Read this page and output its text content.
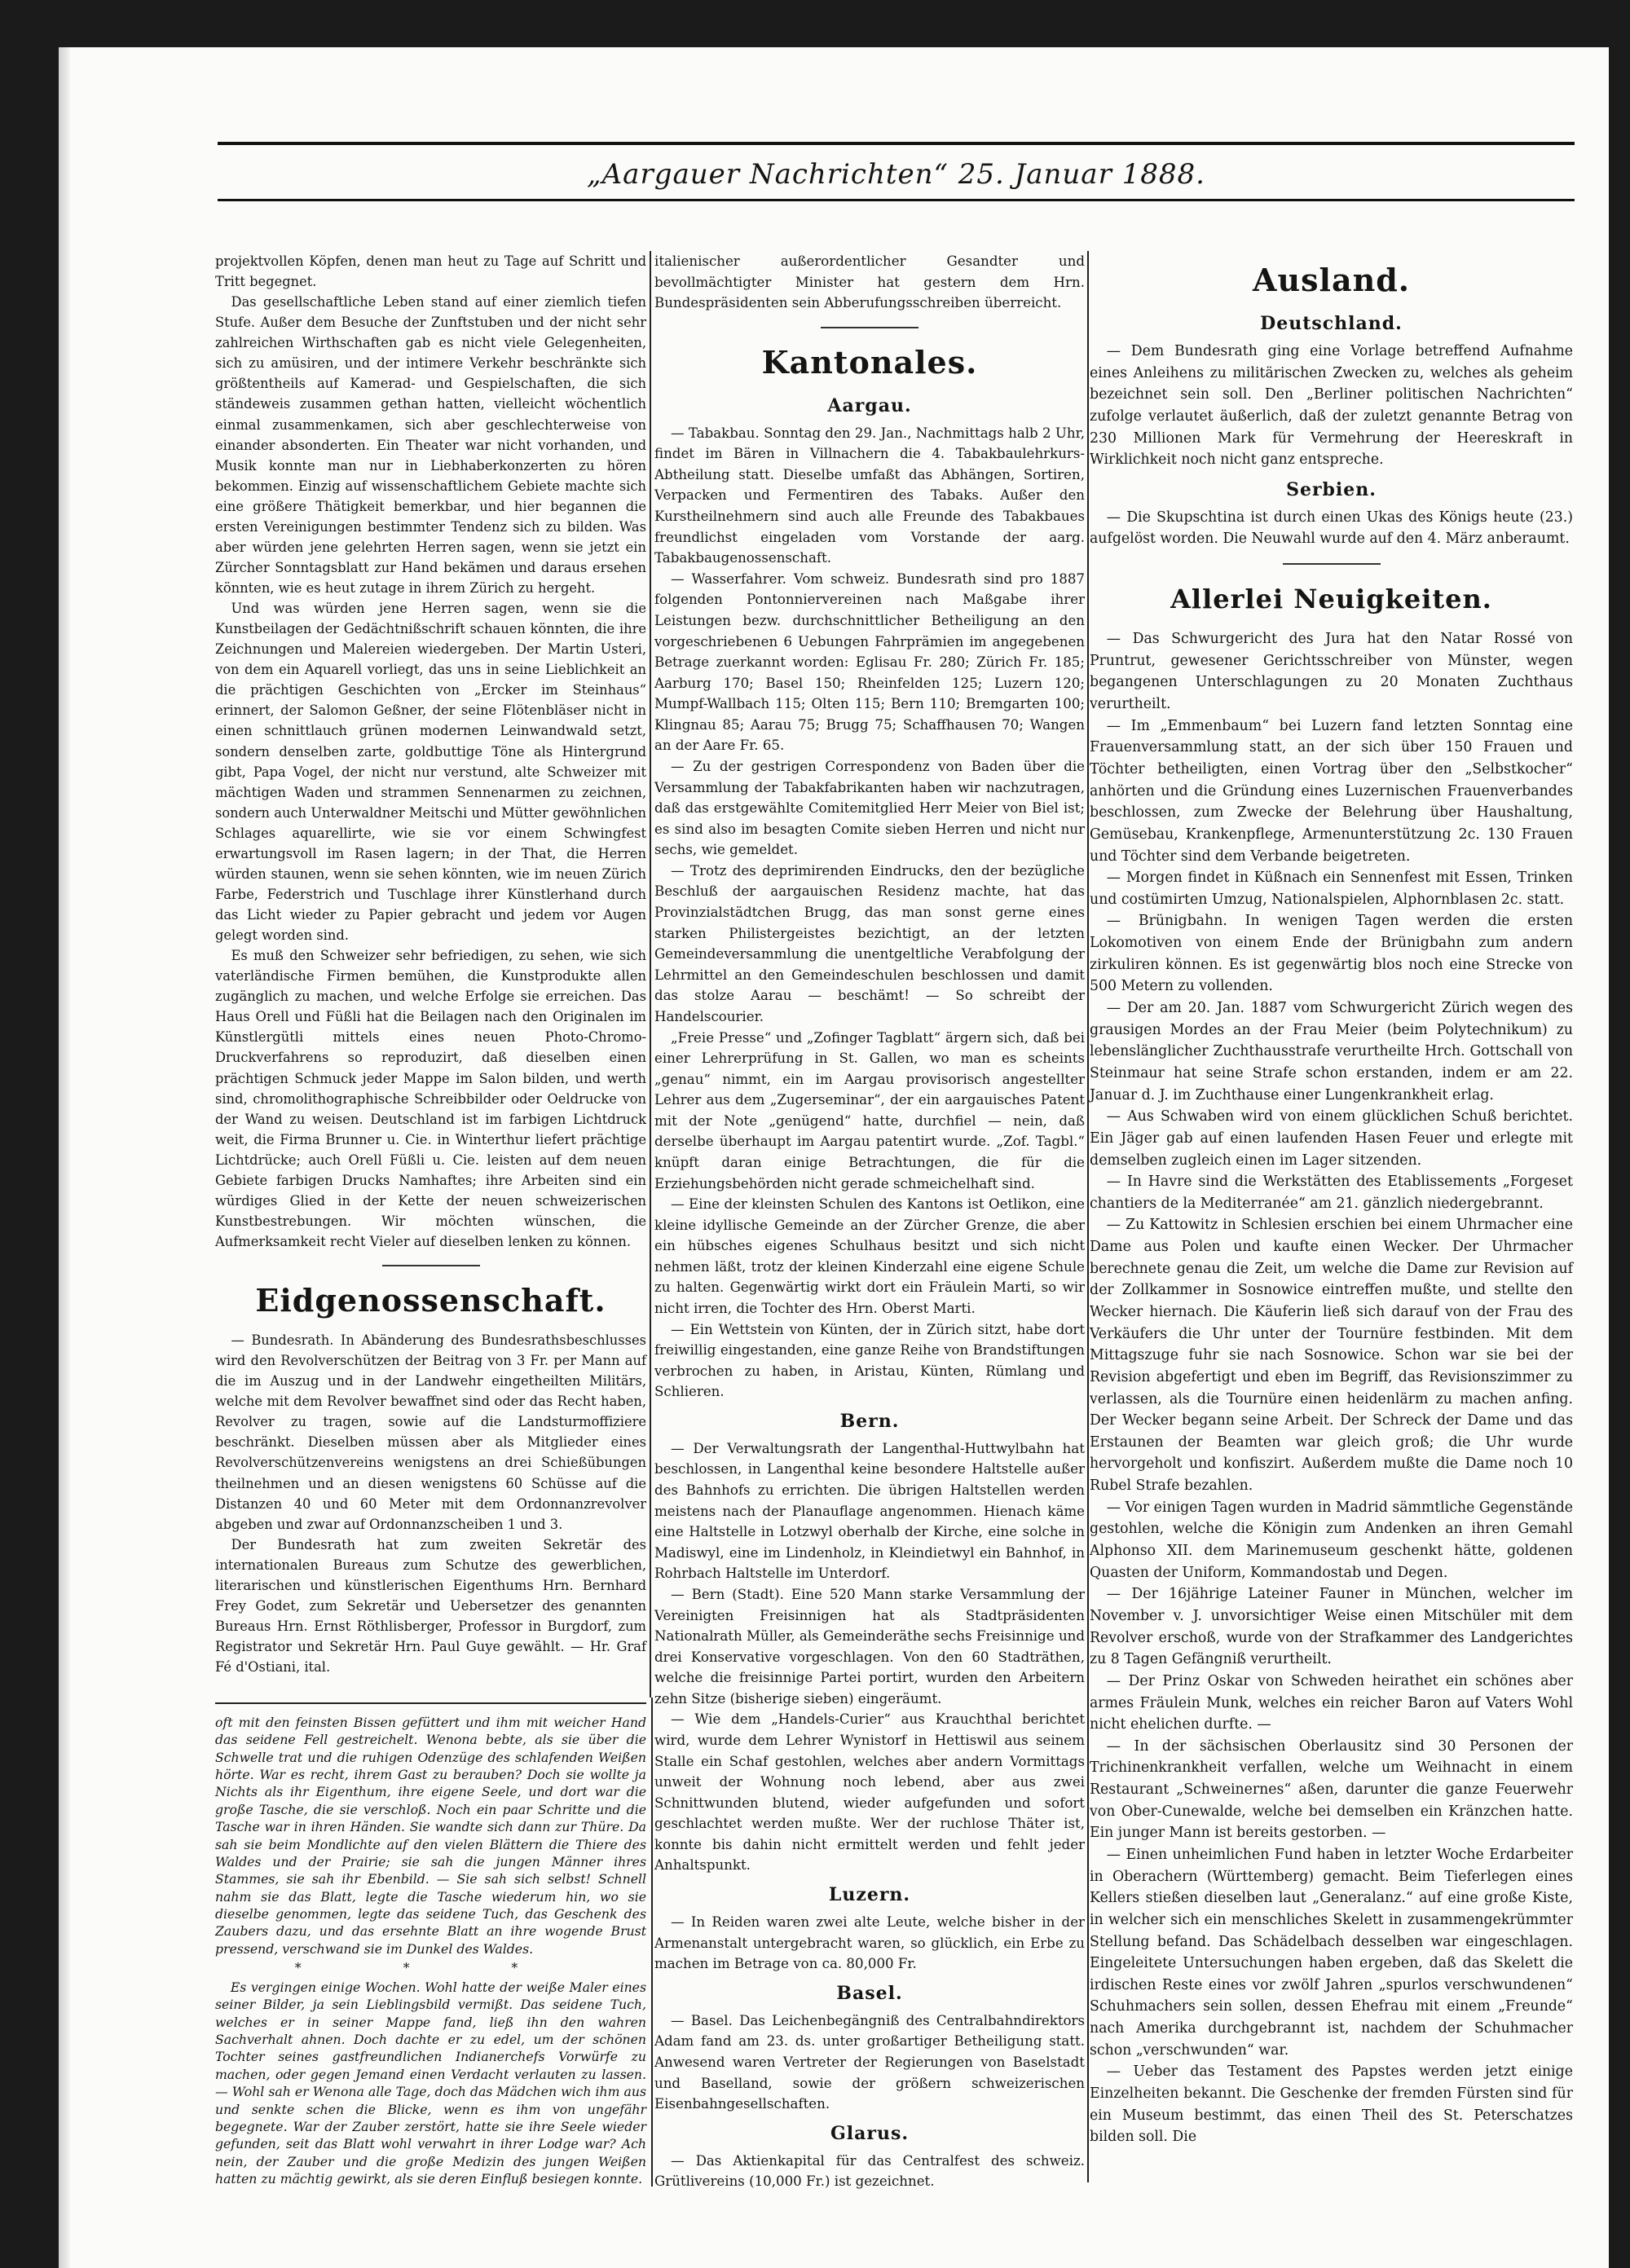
„Aargauer Nachrichten“ 25. Januar 1888.

projektvollen Köpfen, denen man heut zu Tage auf Schritt und Tritt begegnet.

Das gesellschaftliche Leben stand auf einer ziemlich tiefen Stufe. Außer dem Besuche der Zunftstuben und der nicht sehr zahlreichen Wirthschaften gab es nicht viele Gelegenheiten, sich zu amüsiren, und der intimere Verkehr beschränkte sich größtentheils auf Kamerad- und Gespielschaften, die sich ständeweis zusammen gethan hatten, vielleicht wöchentlich einmal zusammenkamen, sich aber geschlechterweise von einander absonderten. Ein Theater war nicht vorhanden, und Musik konnte man nur in Liebhaberkonzerten zu hören bekommen. Einzig auf wissenschaftlichem Gebiete machte sich eine größere Thätigkeit bemerkbar, und hier begannen die ersten Vereinigungen bestimmter Tendenz sich zu bilden. Was aber würden jene gelehrten Herren sagen, wenn sie jetzt ein Zürcher Sonntagsblatt zur Hand bekämen und daraus ersehen könnten, wie es heut zutage in ihrem Zürich zu hergeht.

Und was würden jene Herren sagen, wenn sie die Kunstbeilagen der Gedächtnißschrift schauen könnten, die ihre Zeichnungen und Malereien wiedergeben. Der Martin Usteri, von dem ein Aquarell vorliegt, das uns in seine Lieblichkeit an die prächtigen Geschichten von „Ercker im Steinhaus“ erinnert, der Salomon Geßner, der seine Flötenbläser nicht in einen schnittlauch grünen modernen Leinwandwald setzt, sondern denselben zarte, goldbuttige Töne als Hintergrund gibt, Papa Vogel, der nicht nur verstund, alte Schweizer mit mächtigen Waden und strammen Sennenarmen zu zeichnen, sondern auch Unterwaldner Meitschi und Mütter gewöhnlichen Schlages aquarellirte, wie sie vor einem Schwingfest erwartungsvoll im Rasen lagern; in der That, die Herren würden staunen, wenn sie sehen könnten, wie im neuen Zürich Farbe, Federstrich und Tuschlage ihrer Künstlerhand durch das Licht wieder zu Papier gebracht und jedem vor Augen gelegt worden sind.

Es muß den Schweizer sehr befriedigen, zu sehen, wie sich vaterländische Firmen bemühen, die Kunstprodukte allen zugänglich zu machen, und welche Erfolge sie erreichen. Das Haus Orell und Füßli hat die Beilagen nach den Originalen im Künstlergütli mittels eines neuen Photo-Chromo-Druckverfahrens so reproduzirt, daß dieselben einen prächtigen Schmuck jeder Mappe im Salon bilden, und werth sind, chromolithographische Schreibbilder oder Oeldrucke von der Wand zu weisen. Deutschland ist im farbigen Lichtdruck weit, die Firma Brunner u. Cie. in Winterthur liefert prächtige Lichtdrücke; auch Orell Füßli u. Cie. leisten auf dem neuen Gebiete farbigen Drucks Namhaftes; ihre Arbeiten sind ein würdiges Glied in der Kette der neuen schweizerischen Kunstbestrebungen. Wir möchten wünschen, die Aufmerksamkeit recht Vieler auf dieselben lenken zu können.

Eidgenossenschaft.

— Bundesrath. In Abänderung des Bundesrathsbeschlusses wird den Revolverschützen der Beitrag von 3 Fr. per Mann auf die im Auszug und in der Landwehr eingetheilten Militärs, welche mit dem Revolver bewaffnet sind oder das Recht haben, Revolver zu tragen, sowie auf die Landsturmoffiziere beschränkt. Dieselben müssen aber als Mitglieder eines Revolverschützenvereins wenigstens an drei Schießübungen theilnehmen und an diesen wenigstens 60 Schüsse auf die Distanzen 40 und 60 Meter mit dem Ordonnanzrevolver abgeben und zwar auf Ordonnanzscheiben 1 und 3.

Der Bundesrath hat zum zweiten Sekretär des internationalen Bureaus zum Schutze des gewerblichen, literarischen und künstlerischen Eigenthums Hrn. Bernhard Frey Godet, zum Sekretär und Uebersetzer des genannten Bureaus Hrn. Ernst Röthlisberger, Professor in Burgdorf, zum Registrator und Sekretär Hrn. Paul Guye gewählt. — Hr. Graf Fé d'Ostiani, ital.

oft mit den feinsten Bissen gefüttert und ihm mit weicher Hand das seidene Fell gestreichelt. Wenona bebte, als sie über die Schwelle trat und die ruhigen Odenzüge des schlafenden Weißen hörte. War es recht, ihrem Gast zu berauben? Doch sie wollte ja Nichts als ihr Eigenthum, ihre eigene Seele, und dort war die große Tasche, die sie verschloß. Noch ein paar Schritte und die Tasche war in ihren Händen. Sie wandte sich dann zur Thüre. Da sah sie beim Mondlichte auf den vielen Blättern die Thiere des Waldes und der Prairie; sie sah die jungen Männer ihres Stammes, sie sah ihr Ebenbild. — Sie sah sich selbst! Schnell nahm sie das Blatt, legte die Tasche wiederum hin, wo sie dieselbe genommen, legte das seidene Tuch, das Geschenk des Zaubers dazu, und das ersehnte Blatt an ihre wogende Brust pressend, verschwand sie im Dunkel des Waldes.

* * *

Es vergingen einige Wochen. Wohl hatte der weiße Maler eines seiner Bilder, ja sein Lieblingsbild vermißt. Das seidene Tuch, welches er in seiner Mappe fand, ließ ihn den wahren Sachverhalt ahnen. Doch dachte er zu edel, um der schönen Tochter seines gastfreundlichen Indianerchefs Vorwürfe zu machen, oder gegen Jemand einen Verdacht verlauten zu lassen. — Wohl sah er Wenona alle Tage, doch das Mädchen wich ihm aus und senkte schen die Blicke, wenn es ihm von ungefähr begegnete. War der Zauber zerstört, hatte sie ihre Seele wieder gefunden, seit das Blatt wohl verwahrt in ihrer Lodge war? Ach nein, der Zauber und die große Medizin des jungen Weißen hatten zu mächtig gewirkt, als sie deren Einfluß besiegen konnte.

italienischer außerordentlicher Gesandter und bevollmächtigter Minister hat gestern dem Hrn. Bundespräsidenten sein Abberufungsschreiben überreicht.

Kantonales.
Aargau.

— Tabakbau. Sonntag den 29. Jan., Nachmittags halb 2 Uhr, findet im Bären in Villnachern die 4. Tabakbaulehrkurs-Abtheilung statt. Dieselbe umfaßt das Abhängen, Sortiren, Verpacken und Fermentiren des Tabaks. Außer den Kurstheilnehmern sind auch alle Freunde des Tabakbaues freundlichst eingeladen vom Vorstande der aarg. Tabakbaugenossenschaft.

— Wasserfahrer. Vom schweiz. Bundesrath sind pro 1887 folgenden Pontonniervereinen nach Maßgabe ihrer Leistungen bezw. durchschnittlicher Betheiligung an den vorgeschriebenen 6 Uebungen Fahrprämien im angegebenen Betrage zuerkannt worden: Eglisau Fr. 280; Zürich Fr. 185; Aarburg 170; Basel 150; Rheinfelden 125; Luzern 120; Mumpf-Wallbach 115; Olten 115; Bern 110; Bremgarten 100; Klingnau 85; Aarau 75; Brugg 75; Schaffhausen 70; Wangen an der Aare Fr. 65.

— Zu der gestrigen Correspondenz von Baden über die Versammlung der Tabakfabrikanten haben wir nachzutragen, daß das erstgewählte Comitemitglied Herr Meier von Biel ist; es sind also im besagten Comite sieben Herren und nicht nur sechs, wie gemeldet.

— Trotz des deprimirenden Eindrucks, den der bezügliche Beschluß der aargauischen Residenz machte, hat das Provinzialstädtchen Brugg, das man sonst gerne eines starken Philistergeistes bezichtigt, an der letzten Gemeindeversammlung die unentgeltliche Verabfolgung der Lehrmittel an den Gemeindeschulen beschlossen und damit das stolze Aarau — beschämt! — So schreibt der Handelscourier.

„Freie Presse“ und „Zofinger Tagblatt“ ärgern sich, daß bei einer Lehrerprüfung in St. Gallen, wo man es scheints „genau“ nimmt, ein im Aargau provisorisch angestellter Lehrer aus dem „Zugerseminar“, der ein aargauisches Patent mit der Note „genügend“ hatte, durchfiel — nein, daß derselbe überhaupt im Aargau patentirt wurde. „Zof. Tagbl.“ knüpft daran einige Betrachtungen, die für die Erziehungsbehörden nicht gerade schmeichelhaft sind.

— Eine der kleinsten Schulen des Kantons ist Oetlikon, eine kleine idyllische Gemeinde an der Zürcher Grenze, die aber ein hübsches eigenes Schulhaus besitzt und sich nicht nehmen läßt, trotz der kleinen Kinderzahl eine eigene Schule zu halten. Gegenwärtig wirkt dort ein Fräulein Marti, so wir nicht irren, die Tochter des Hrn. Oberst Marti.

— Ein Wettstein von Künten, der in Zürich sitzt, habe dort freiwillig eingestanden, eine ganze Reihe von Brandstiftungen verbrochen zu haben, in Aristau, Künten, Rümlang und Schlieren.

Bern.

— Der Verwaltungsrath der Langenthal-Huttwylbahn hat beschlossen, in Langenthal keine besondere Haltstelle außer des Bahnhofs zu errichten. Die übrigen Haltstellen werden meistens nach der Planauflage angenommen. Hienach käme eine Haltstelle in Lotzwyl oberhalb der Kirche, eine solche in Madiswyl, eine im Lindenholz, in Kleindietwyl ein Bahnhof, in Rohrbach Haltstelle im Unterdorf.

— Bern (Stadt). Eine 520 Mann starke Versammlung der Vereinigten Freisinnigen hat als Stadtpräsidenten Nationalrath Müller, als Gemeinderäthe sechs Freisinnige und drei Konservative vorgeschlagen. Von den 60 Stadträthen, welche die freisinnige Partei portirt, wurden den Arbeitern zehn Sitze (bisherige sieben) eingeräumt.

— Wie dem „Handels-Curier“ aus Krauchthal berichtet wird, wurde dem Lehrer Wynistorf in Hettiswil aus seinem Stalle ein Schaf gestohlen, welches aber andern Vormittags unweit der Wohnung noch lebend, aber aus zwei Schnittwunden blutend, wieder aufgefunden und sofort geschlachtet werden mußte. Wer der ruchlose Thäter ist, konnte bis dahin nicht ermittelt werden und fehlt jeder Anhaltspunkt.

Luzern.

— In Reiden waren zwei alte Leute, welche bisher in der Armenanstalt untergebracht waren, so glücklich, ein Erbe zu machen im Betrage von ca. 80,000 Fr.

Basel.

— Basel. Das Leichenbegängniß des Centralbahndirektors Adam fand am 23. ds. unter großartiger Betheiligung statt. Anwesend waren Vertreter der Regierungen von Baselstadt und Baselland, sowie der größern schweizerischen Eisenbahngesellschaften.

Glarus.

— Das Aktienkapital für das Centralfest des schweiz. Grütlivereins (10,000 Fr.) ist gezeichnet.

Ausland.
Deutschland.

— Dem Bundesrath ging eine Vorlage betreffend Aufnahme eines Anleihens zu militärischen Zwecken zu, welches als geheim bezeichnet sein soll. Den „Berliner politischen Nachrichten“ zufolge verlautet äußerlich, daß der zuletzt genannte Betrag von 230 Millionen Mark für Vermehrung der Heereskraft in Wirklichkeit noch nicht ganz entspreche.

Serbien.

— Die Skupschtina ist durch einen Ukas des Königs heute (23.) aufgelöst worden. Die Neuwahl wurde auf den 4. März anberaumt.

Allerlei Neuigkeiten.

— Das Schwurgericht des Jura hat den Natar Rossé von Pruntrut, gewesener Gerichtsschreiber von Münster, wegen begangenen Unterschlagungen zu 20 Monaten Zuchthaus verurtheilt.

— Im „Emmenbaum“ bei Luzern fand letzten Sonntag eine Frauenversammlung statt, an der sich über 150 Frauen und Töchter betheiligten, einen Vortrag über den „Selbstkocher“ anhörten und die Gründung eines Luzernischen Frauenverbandes beschlossen, zum Zwecke der Belehrung über Haushaltung, Gemüsebau, Krankenpflege, Armenunterstützung 2c. 130 Frauen und Töchter sind dem Verbande beigetreten.

— Morgen findet in Küßnach ein Sennenfest mit Essen, Trinken und costümirten Umzug, Nationalspielen, Alphornblasen 2c. statt.

— Brünigbahn. In wenigen Tagen werden die ersten Lokomotiven von einem Ende der Brünigbahn zum andern zirkuliren können. Es ist gegenwärtig blos noch eine Strecke von 500 Metern zu vollenden.

— Der am 20. Jan. 1887 vom Schwurgericht Zürich wegen des grausigen Mordes an der Frau Meier (beim Polytechnikum) zu lebenslänglicher Zuchthausstrafe verurtheilte Hrch. Gottschall von Steinmaur hat seine Strafe schon erstanden, indem er am 22. Januar d. J. im Zuchthause einer Lungenkrankheit erlag.

— Aus Schwaben wird von einem glücklichen Schuß berichtet. Ein Jäger gab auf einen laufenden Hasen Feuer und erlegte mit demselben zugleich einen im Lager sitzenden.

— In Havre sind die Werkstätten des Etablissements „Forgeset chantiers de la Mediterranée“ am 21. gänzlich niedergebrannt.

— Zu Kattowitz in Schlesien erschien bei einem Uhrmacher eine Dame aus Polen und kaufte einen Wecker. Der Uhrmacher berechnete genau die Zeit, um welche die Dame zur Revision auf der Zollkammer in Sosnowice eintreffen mußte, und stellte den Wecker hiernach. Die Käuferin ließ sich darauf von der Frau des Verkäufers die Uhr unter der Tournüre festbinden. Mit dem Mittagszuge fuhr sie nach Sosnowice. Schon war sie bei der Revision abgefertigt und eben im Begriff, das Revisionszimmer zu verlassen, als die Tournüre einen heidenlärm zu machen anfing. Der Wecker begann seine Arbeit. Der Schreck der Dame und das Erstaunen der Beamten war gleich groß; die Uhr wurde hervorgeholt und konfiszirt. Außerdem mußte die Dame noch 10 Rubel Strafe bezahlen.

— Vor einigen Tagen wurden in Madrid sämmtliche Gegenstände gestohlen, welche die Königin zum Andenken an ihren Gemahl Alphonso XII. dem Marinemuseum geschenkt hätte, goldenen Quasten der Uniform, Kommandostab und Degen.

— Der 16jährige Lateiner Fauner in München, welcher im November v. J. unvorsichtiger Weise einen Mitschüler mit dem Revolver erschoß, wurde von der Strafkammer des Landgerichtes zu 8 Tagen Gefängniß verurtheilt.

— Der Prinz Oskar von Schweden heirathet ein schönes aber armes Fräulein Munk, welches ein reicher Baron auf Vaters Wohl nicht ehelichen durfte. —

— In der sächsischen Oberlausitz sind 30 Personen der Trichinenkrankheit verfallen, welche um Weihnacht in einem Restaurant „Schweinernes“ aßen, darunter die ganze Feuerwehr von Ober-Cunewalde, welche bei demselben ein Kränzchen hatte. Ein junger Mann ist bereits gestorben. —

— Einen unheimlichen Fund haben in letzter Woche Erdarbeiter in Oberachern (Württemberg) gemacht. Beim Tieferlegen eines Kellers stießen dieselben laut „Generalanz.“ auf eine große Kiste, in welcher sich ein menschliches Skelett in zusammengekrümmter Stellung befand. Das Schädelbach desselben war eingeschlagen. Eingeleitete Untersuchungen haben ergeben, daß das Skelett die irdischen Reste eines vor zwölf Jahren „spurlos verschwundenen“ Schuhmachers sein sollen, dessen Ehefrau mit einem „Freunde“ nach Amerika durchgebrannt ist, nachdem der Schuhmacher schon „verschwunden“ war.

— Ueber das Testament des Papstes werden jetzt einige Einzelheiten bekannt. Die Geschenke der fremden Fürsten sind für ein Museum bestimmt, das einen Theil des St. Peterschatzes bilden soll. Die
